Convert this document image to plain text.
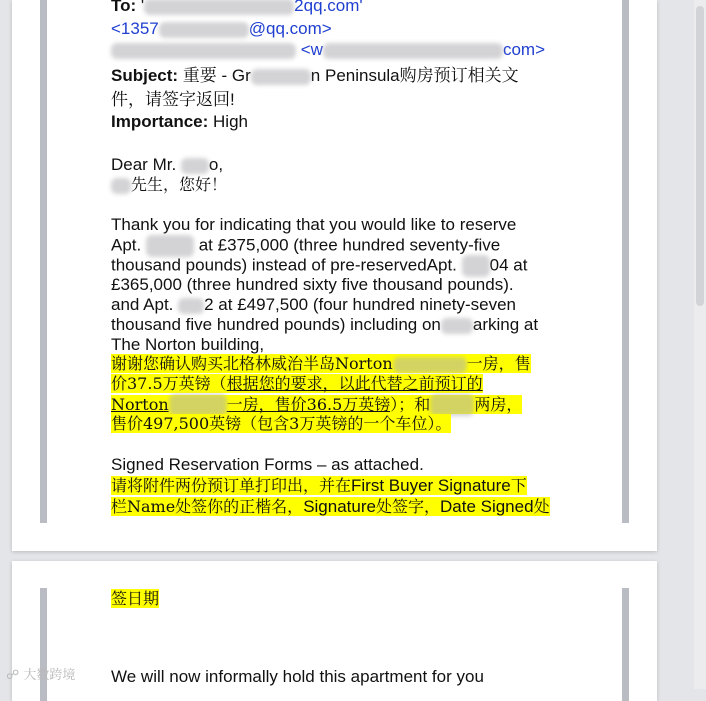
To: '	2qq.com'
<1357	@qq.com>
<w	com>
Subject: 重要 - Gr	n Peninsula购房预订相关文
件，请签字返回!
Importance: High
Dear Mr. o,
先生，您好！
Thank you for indicating that you would like to reserve
Apt.	at £375,000 (three hundred seventy-five
thousand pounds) instead of pre-reservedApt. 04 at
£365,000 (three hundred sixty five thousand pounds).
and Apt. 2 at £497,500 (four hundred ninety-seven
thousand five hundred pounds) including on arking at
The Norton building,
谢谢您确认购买北格林威治半岛Norton	一房，售
价37.5万英镑（根据您的要求，以此代替之前预订的
Norton	一房，售价36.5万英镑）；和	两房，
售价497,500英镑（包含3万英镑的一个车位）。
Signed Reservation Forms – as attached.
请将附件两份预订单打印出，并在First Buyer Signature下
栏Name处签你的正楷名，Signature处签字，Date Signed处
签日期
We will now informally hold this apartment for you
☍ 大数跨境
